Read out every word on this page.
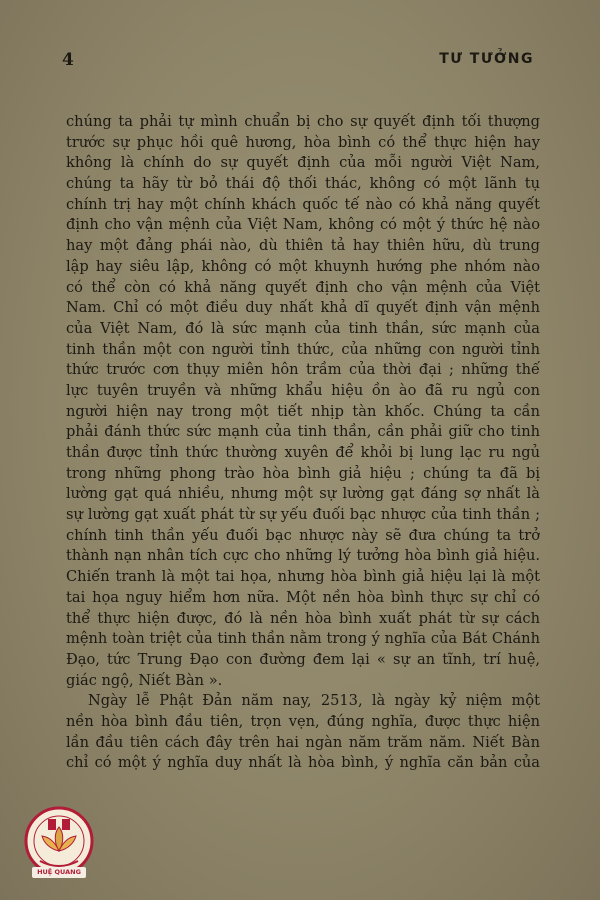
4	TƯ TƯỞNG
chúng ta phải tự mình chuẩn bị cho sự quyết định tối thượng
trước sự phục hồi quê hương, hòa bình có thể thực hiện hay
không là chính do sự quyết định của mỗi người Việt Nam,
chúng ta hãy từ bỏ thái độ thối thác, không có một lãnh tụ
chính trị hay một chính khách quốc tế nào có khả năng quyết
định cho vận mệnh của Việt Nam, không có một ý thức hệ nào
hay một đảng phái nào, dù thiên tả hay thiên hữu, dù trung
lập hay siêu lập, không có một khuynh hướng phe nhóm nào
có thể còn có khả năng quyết định cho vận mệnh của Việt
Nam. Chỉ có một điều duy nhất khả dĩ quyết định vận mệnh
của Việt Nam, đó là sức mạnh của tinh thần, sức mạnh của
tinh thần một con người tỉnh thức, của những con người tỉnh
thức trước cơn thụy miên hôn trầm của thời đại ; những thế
lực tuyên truyền và những khẩu hiệu ồn ào đã ru ngủ con
người hiện nay trong một tiết nhịp tàn khốc. Chúng ta cần
phải đánh thức sức mạnh của tinh thần, cần phải giữ cho tinh
thần được tỉnh thức thường xuyên để khỏi bị lung lạc ru ngủ
trong những phong trào hòa bình giả hiệu ; chúng ta đã bị
lường gạt quá nhiều, nhưng một sự lường gạt đáng sợ nhất là
sự lường gạt xuất phát từ sự yếu đuối bạc nhược của tinh thần ;
chính tinh thần yếu đuối bạc nhược này sẽ đưa chúng ta trở
thành nạn nhân tích cực cho những lý tưởng hòa bình giả hiệu.
Chiến tranh là một tai họa, nhưng hòa bình giả hiệu lại là một
tai họa nguy hiểm hơn nữa. Một nền hòa bình thực sự chỉ có
thể thực hiện được, đó là nền hòa bình xuất phát từ sự cách
mệnh toàn triệt của tinh thần nằm trong ý nghĩa của Bát Chánh
Đạo, tức Trung Đạo con đường đem lại « sự an tĩnh, trí huệ,
giác ngộ, Niết Bàn ».
Ngày lễ Phật Đản năm nay, 2513, là ngày kỷ niệm một
nền hòa bình đầu tiên, trọn vẹn, đúng nghĩa, được thực hiện
lần đầu tiên cách đây trên hai ngàn năm trăm năm. Niết Bàn
chỉ có một ý nghĩa duy nhất là hòa bình, ý nghĩa căn bản của
HUỆ QUANG
